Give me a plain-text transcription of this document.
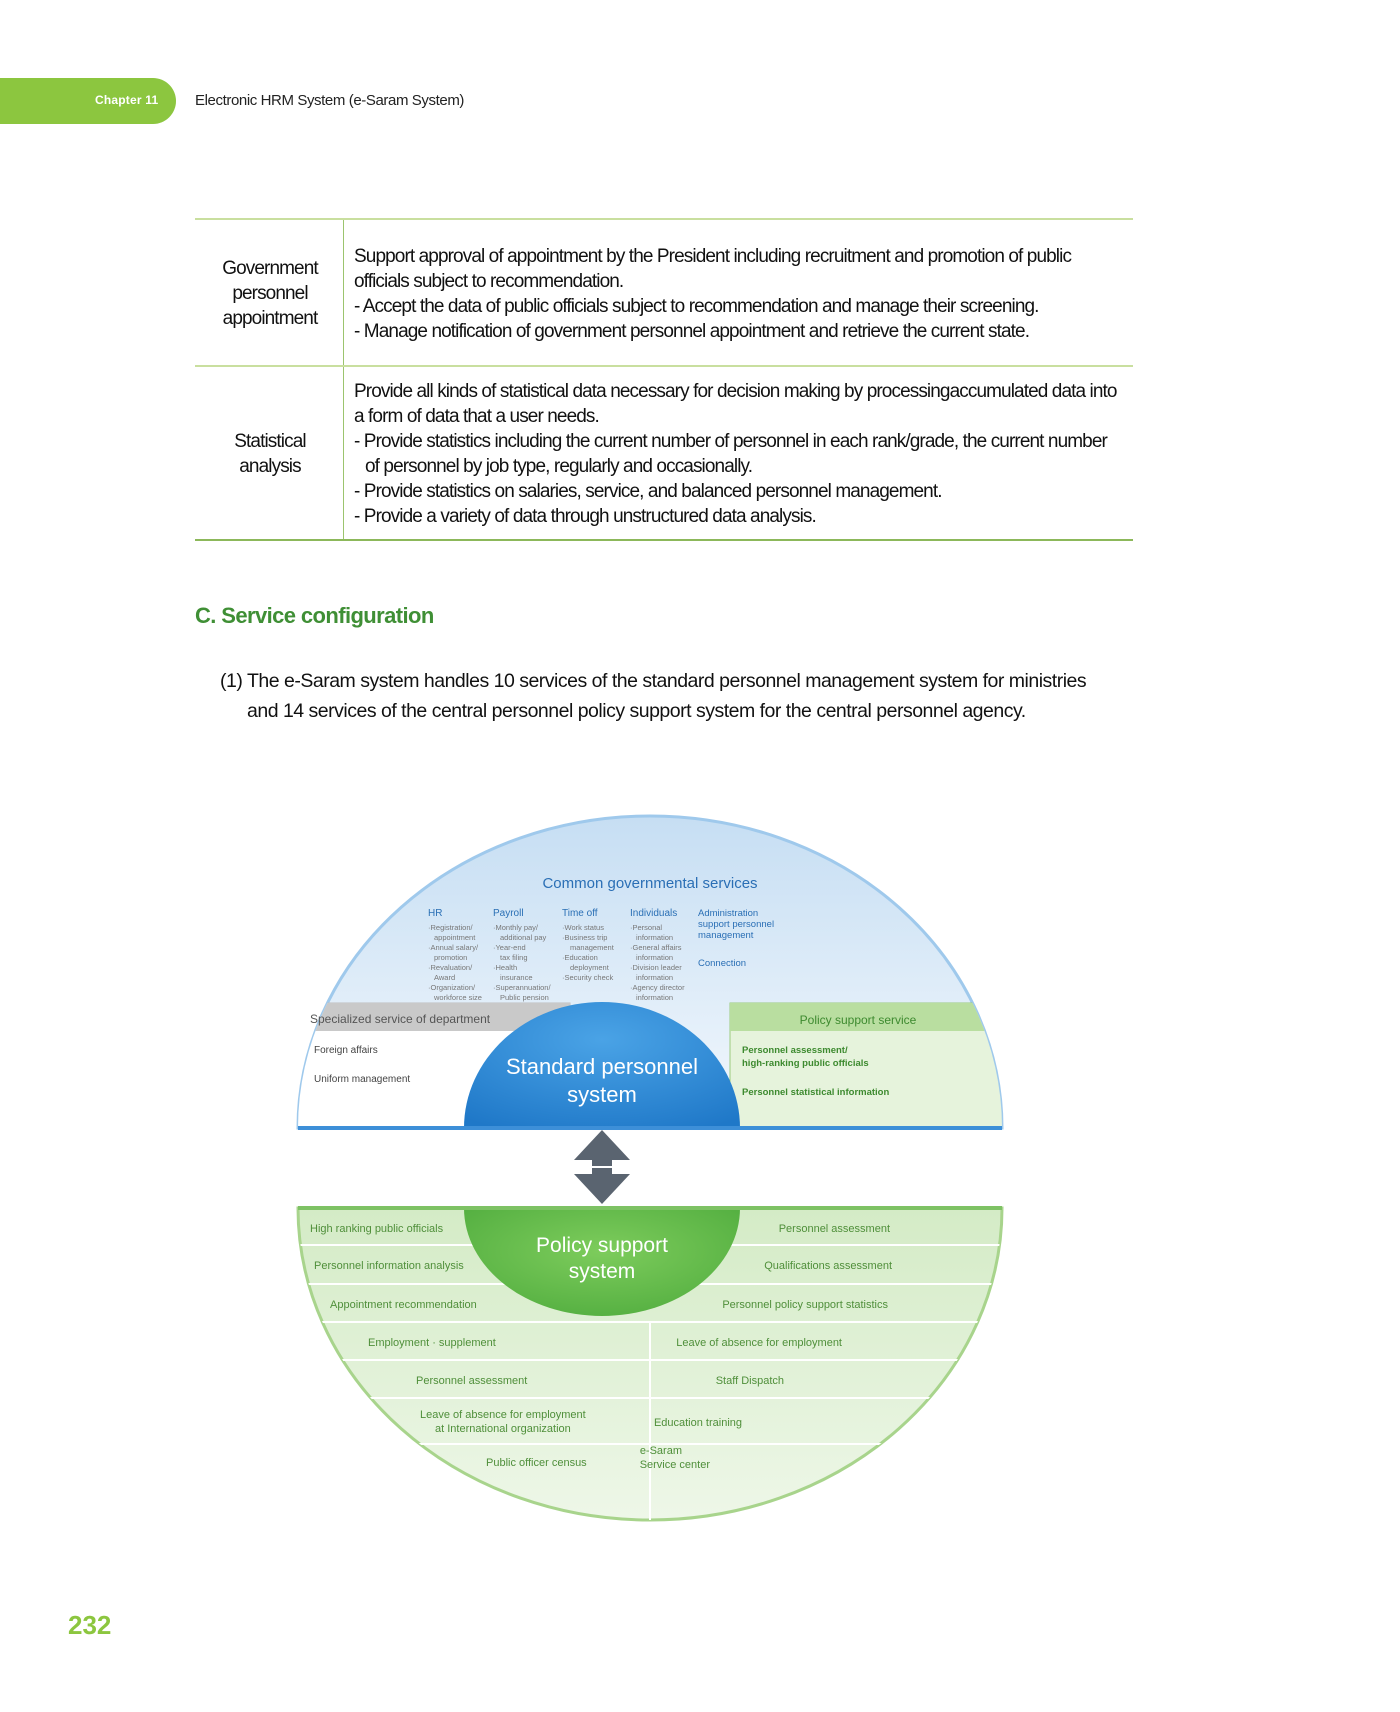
Chapter 11 Electronic HRM System (e-Saram System)
Government personnel appointment	Support approval of appointment by the President including recruitment and promotion of public officials subject to recommendation.
- Accept the data of public officials subject to recommendation and manage their screening.
- Manage notification of government personnel appointment and retrieve the current state.

Statistical analysis	Provide all kinds of statistical data necessary for decision making by processingaccumulated data into a form of data that a user needs.
- Provide statistics including the current number of personnel in each rank/grade, the current number of personnel by job type, regularly and occasionally.
- Provide statistics on salaries, service, and balanced personnel management.
- Provide a variety of data through unstructured data analysis.
C. Service configuration
(1) The e-Saram system handles 10 services of the standard personnel management system for ministries and 14 services of the central personnel policy support system for the central personnel agency.
Common governmental services
HR
·Registration/
appointment
·Annual salary/
promotion
·Revaluation/
Award
·Organization/
workforce size
Payroll
·Monthly pay/
additional pay
·Year-end
tax filing
·Health
insurance
·Superannuation/
Public pension
Time off
·Work status
·Business trip
management
·Education
deployment
·Security check
Individuals
·Personal
information
·General affairs
information
·Division leader
information
·Agency director
information
Administration
support personnel
management
Connection
Specialized service of department
Foreign affairs
Uniform management
Policy support service
Personnel assessment/
high-ranking public officials
Personnel statistical information
Standard personnel
system
Policy support
system
High ranking public officials
Personnel information analysis
Appointment recommendation
Employment · supplement
Personnel assessment
Leave of absence for employment
at International organization
Public officer census
Personnel assessment
Qualifications assessment
Personnel policy support statistics
Leave of absence for employment
Staff Dispatch
Education training
e-Saram
Service center
232
